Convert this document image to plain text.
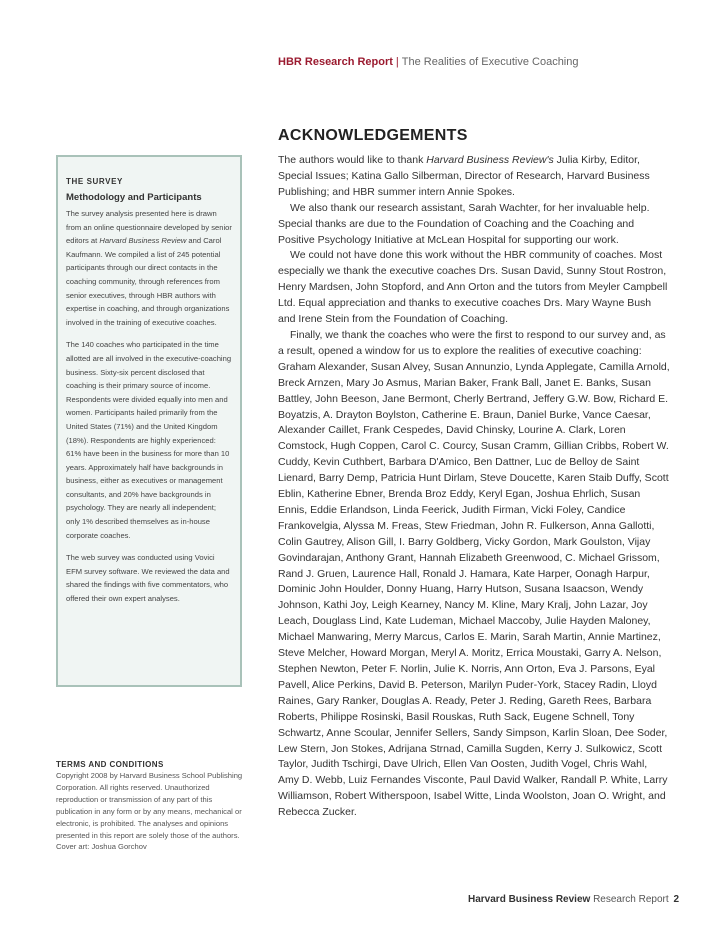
HBR Research Report | The Realities of Executive Coaching
ACKNOWLEDGEMENTS

The authors would like to thank Harvard Business Review's Julia Kirby, Editor, Special Issues; Katina Gallo Silberman, Director of Research, Harvard Business Publishing; and HBR summer intern Annie Spokes.

We also thank our research assistant, Sarah Wachter, for her invaluable help. Special thanks are due to the Foundation of Coaching and the Coaching and Positive Psychology Initiative at McLean Hospital for supporting our work.

We could not have done this work without the HBR community of coaches. Most especially we thank the executive coaches Drs. Susan David, Sunny Stout Rostron, Henry Mardsen, John Stopford, and Ann Orton and the tutors from Meyler Campbell Ltd. Equal appreciation and thanks to executive coaches Drs. Mary Wayne Bush and Irene Stein from the Foundation of Coaching.

Finally, we thank the coaches who were the first to respond to our survey and, as a result, opened a window for us to explore the realities of executive coaching: Graham Alexander, Susan Alvey, Susan Annunzio, Lynda Applegate, Camilla Arnold, Breck Arnzen, Mary Jo Asmus, Marian Baker, Frank Ball, Janet E. Banks, Susan Battley, John Beeson, Jane Bermont, Cherly Bertrand, Jeffery G.W. Bow, Richard E. Boyatzis, A. Drayton Boylston, Catherine E. Braun, Daniel Burke, Vance Caesar, Alexander Caillet, Frank Cespedes, David Chinsky, Lourine A. Clark, Loren Comstock, Hugh Coppen, Carol C. Courcy, Susan Cramm, Gillian Cribbs, Robert W. Cuddy, Kevin Cuthbert, Barbara D'Amico, Ben Dattner, Luc de Belloy de Saint Lienard, Barry Demp, Patricia Hunt Dirlam, Steve Doucette, Karen Staib Duffy, Scott Eblin, Katherine Ebner, Brenda Broz Eddy, Keryl Egan, Joshua Ehrlich, Susan Ennis, Eddie Erlandson, Linda Feerick, Judith Firman, Vicki Foley, Candice Frankovelgia, Alyssa M. Freas, Stew Friedman, John R. Fulkerson, Anna Gallotti, Colin Gautrey, Alison Gill, I. Barry Goldberg, Vicky Gordon, Mark Goulston, Vijay Govindarajan, Anthony Grant, Hannah Elizabeth Greenwood, C. Michael Grissom, Rand J. Gruen, Laurence Hall, Ronald J. Hamara, Kate Harper, Oonagh Harpur, Dominic John Houlder, Donny Huang, Harry Hutson, Susana Isaacson, Wendy Johnson, Kathi Joy, Leigh Kearney, Nancy M. Kline, Mary Kralj, John Lazar, Joy Leach, Douglass Lind, Kate Ludeman, Michael Maccoby, Julie Hayden Maloney, Michael Manwaring, Merry Marcus, Carlos E. Marin, Sarah Martin, Annie Martinez, Steve Melcher, Howard Morgan, Meryl A. Moritz, Errica Moustaki, Garry A. Nelson, Stephen Newton, Peter F. Norlin, Julie K. Norris, Ann Orton, Eva J. Parsons, Eyal Pavell, Alice Perkins, David B. Peterson, Marilyn Puder-York, Stacey Radin, Lloyd Raines, Gary Ranker, Douglas A. Ready, Peter J. Reding, Gareth Rees, Barbara Roberts, Philippe Rosinski, Basil Rouskas, Ruth Sack, Eugene Schnell, Tony Schwartz, Anne Scoular, Jennifer Sellers, Sandy Simpson, Karlin Sloan, Dee Soder, Lew Stern, Jon Stokes, Adrijana Strnad, Camilla Sugden, Kerry J. Sulkowicz, Scott Taylor, Judith Tschirgi, Dave Ulrich, Ellen Van Oosten, Judith Vogel, Chris Wahl, Amy D. Webb, Luiz Fernandes Visconte, Paul David Walker, Randall P. White, Larry Williamson, Robert Witherspoon, Isabel Witte, Linda Woolston, Joan O. Wright, and Rebecca Zucker.

THE SURVEY
Methodology and Participants

The survey analysis presented here is drawn from an online questionnaire developed by senior editors at Harvard Business Review and Carol Kaufmann. We compiled a list of 245 potential participants through our direct contacts in the coaching community, through references from senior executives, through HBR authors with expertise in coaching, and through organizations involved in the training of executive coaches.

The 140 coaches who participated in the time allotted are all involved in the executive-coaching business. Sixty-six percent disclosed that coaching is their primary source of income. Respondents were divided equally into men and women. Participants hailed primarily from the United States (71%) and the United Kingdom (18%). Respondents are highly experienced: 61% have been in the business for more than 10 years. Approximately half have backgrounds in business, either as executives or management consultants, and 20% have backgrounds in psychology. They are nearly all independent; only 1% described themselves as in-house corporate coaches.

The web survey was conducted using Vovici EFM survey software. We reviewed the data and shared the findings with five commentators, who offered their own expert analyses.

TERMS AND CONDITIONS

Copyright 2008 by Harvard Business School Publishing Corporation. All rights reserved. Unauthorized reproduction or transmission of any part of this publication in any form or by any means, mechanical or electronic, is prohibited. The analyses and opinions presented in this report are solely those of the authors.

Cover art: Joshua Gorchov

Harvard Business Review Research Report 2
